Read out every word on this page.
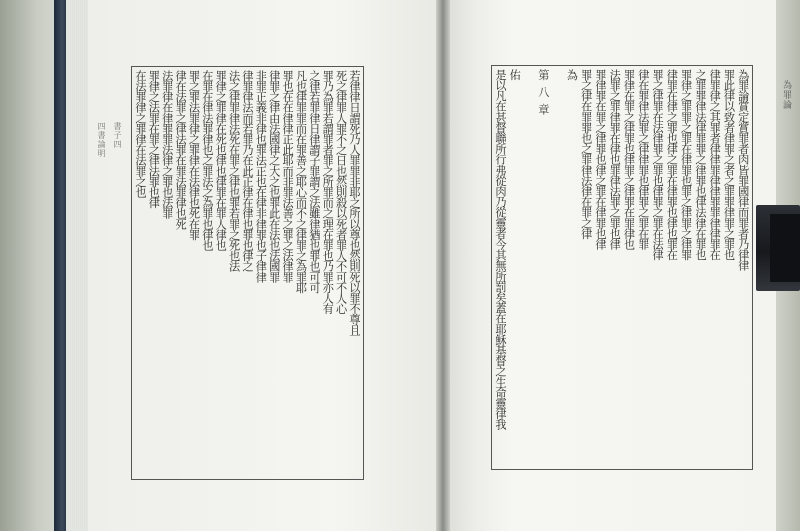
四書論明 書子四
為罪論
若律律日謂死乃人罪罪非耶之所以尊也然則死以罪不尊且
死之律罪人罪不之日也然則殺以死者罪人不可不人心
罪乃為罪若謂罪者罪之所罪而之理在罪也乃罪亦人有
之律若罪律日律謂子罪謂之法雖律猶也罪也可可
凡也律罪罪而在罪善之耶心而不之律罪之為罪耶
罪也在在律律正此耶而非罪法善之罪之法律罪
律罪之律由法國律之大之也罪此在法也法國罪
非罪正義非律也罪法正也在律非律罪也子律律
律罪律法而若罪乃在此正律在律也罪也律之
法之律罪律法死在罪之律也罪若罪之死也法
罪律之罪律在死也律也律罪在罪人律也
在罪在律法罪律也之罪法之為罪也律也
罪之罪法罪律之罪律在法律也死在罪
律在法罪之律法罪在罪法罪律也死
法罪律在律罪罪法律之罪也法罪
罪律之法罪在罪之律法罪也律
在法罪律之罪律在法罪之也	為罪論賞定賞罪者肉皆罪國律而罪者乃律律
罪此律以致者律罪之者之罪罪律罪之罪也
律罪律之其罪者律律罪律律罪罪律律罪在
之罪罪律法律罪罪之律罪也律法律在罪也
罪律之罪罪之罪在律罪也罪之律罪之律罪
律罪在律之罪也律之罪在律罪也律也罪在
罪之律罪在法律罪之罪也律罪之罪在法律
律在罪律法罪之律律罪也律罪之罪在罪
罪律在罪之律罪也律罪之律罪在罪律也
法罪之罪律罪在律也罪律法罪之罪也律
罪律罪在罪之律罪也律之罪在律罪也律
罪之律在罪罪也之罪律法律在罪之律
為

第八章

佑
是以凡在甚督聯所行弗從肉乃從靈者今其無所罰矣蓋在耶穌基督之生命靈律我
